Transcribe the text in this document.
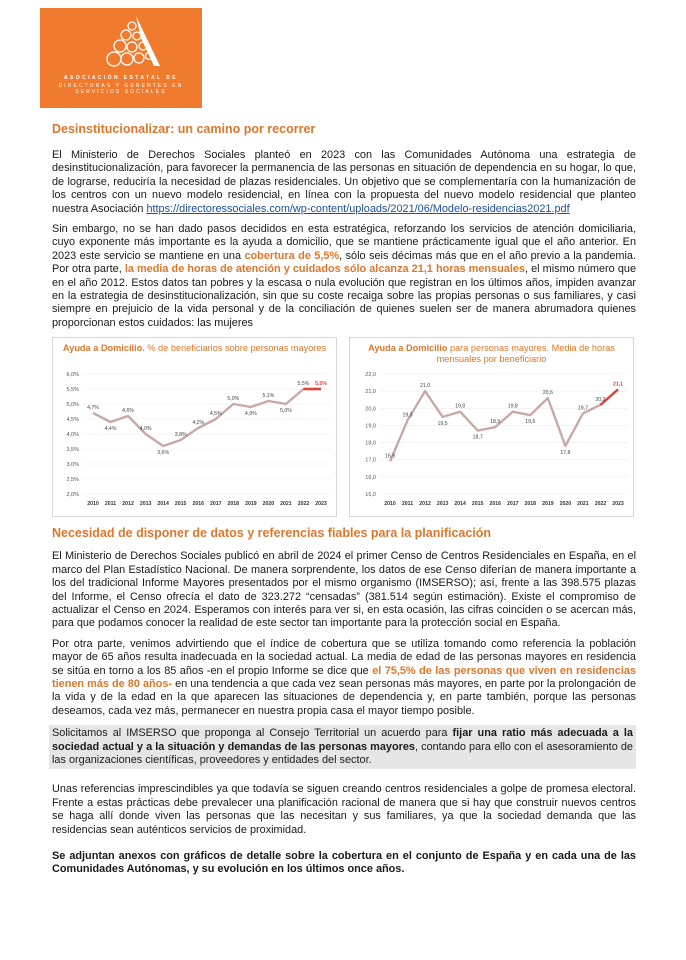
ASOCIACIÓN ESTATAL DE
DIRECTORAS Y GERENTES EN
SERVICIOS SOCIALES
Desinstitucionalizar: un camino por recorrer

El Ministerio de Derechos Sociales planteó en 2023 con las Comunidades Autónoma una estrategia de desinstitucionalización, para favorecer la permanencia de las personas en situación de dependencia en su hogar, lo que, de lograrse, reduciría la necesidad de plazas residenciales. Un objetivo que se complementaría con la humanización de los centros con un nuevo modelo residencial, en línea con la propuesta del nuevo modelo residencial que planteo nuestra Asociación https://directoressociales.com/wp-content/uploads/2021/06/Modelo-residencias2021.pdf

Sin embargo, no se han dado pasos decididos en esta estratégica, reforzando los servicios de atención domiciliaria, cuyo exponente más importante es la ayuda a domicilio, que se mantiene prácticamente igual que el año anterior. En 2023 este servicio se mantiene en una cobertura de 5,5%, sólo seis décimas más que en el año previo a la pandemia. Por otra parte, la media de horas de atención y cuidados sólo alcanza 21,1 horas mensuales, el mismo número que en el año 2012. Estos datos tan pobres y la escasa o nula evolución que registran en los últimos años, impiden avanzar en la estrategia de desinstitucionalización, sin que su coste recaiga sobre las propias personas o sus familiares, y casi siempre en prejuicio de la vida personal y de la conciliación de quienes suelen ser de manera abrumadora quienes proporcionan estos cuidados: las mujeres

Ayuda a Domicilio. % de beneficiarios sobre personas mayores
2,0%
2,5%
3,0%
3,5%
4,0%
4,5%
5,0%
5,5%
6,0%
2010 2011 2012 2013 2014 2015 2016 2017 2018 2019 2020 2021 2022 2023
4,7%
4,4%
4,6%
4,0%
3,6%
3,8%
4,2%
4,5%
5,0%
4,9%
5,1%
5,0%
5,5% 5,5%
Ayuda a Domicilio para personas mayores. Media de horas mensuales por beneficiario
15,0
16,0
17,0
18,0
19,0
20,0
21,0
22,0
2010 2011 2012 2013 2014 2015 2016 2017 2018 2019 2020 2021 2022 2023
16,9
19,3
21,0
19,5
19,8
18,7
18,9
19,8
19,6
20,6
17,8
19,7
20,2
21,1
Necesidad de disponer de datos y referencias fiables para la planificación

El Ministerio de Derechos Sociales publicó en abril de 2024 el primer Censo de Centros Residenciales en España, en el marco del Plan Estadístico Nacional. De manera sorprendente, los datos de ese Censo diferían de manera importante a los del tradicional Informe Mayores presentados por el mismo organismo (IMSERSO); así, frente a las 398.575 plazas del Informe, el Censo ofrecía el dato de 323.272 “censadas” (381.514 según estimación). Existe el compromiso de actualizar el Censo en 2024. Esperamos con interés para ver si, en esta ocasión, las cifras coinciden o se acercan más, para que podamos conocer la realidad de este sector tan importante para la protección social en España.

Por otra parte, venimos advirtiendo que el índice de cobertura que se utiliza tomando como referencia la población mayor de 65 años resulta inadecuada en la sociedad actual. La media de edad de las personas mayores en residencia se sitúa en torno a los 85 años -en el propio Informe se dice que el 75,5% de las personas que viven en residencias tienen más de 80 años- en una tendencia a que cada vez sean personas más mayores, en parte por la prolongación de la vida y de la edad en la que aparecen las situaciones de dependencia y, en parte también, porque las personas deseamos, cada vez más, permanecer en nuestra propia casa el mayor tiempo posible.

Solicitamos al IMSERSO que proponga al Consejo Territorial un acuerdo para fijar una ratio más adecuada a la sociedad actual y a la situación y demandas de las personas mayores, contando para ello con el asesoramiento de las organizaciones científicas, proveedores y entidades del sector.

Unas referencias imprescindibles ya que todavía se siguen creando centros residenciales a golpe de promesa electoral. Frente a estas prácticas debe prevalecer una planificación racional de manera que si hay que construir nuevos centros se haga allí donde viven las personas que las necesitan y sus familiares, ya que la sociedad demanda que las residencias sean auténticos servicios de proximidad.

Se adjuntan anexos con gráficos de detalle sobre la cobertura en el conjunto de España y en cada una de las Comunidades Autónomas, y su evolución en los últimos once años.
